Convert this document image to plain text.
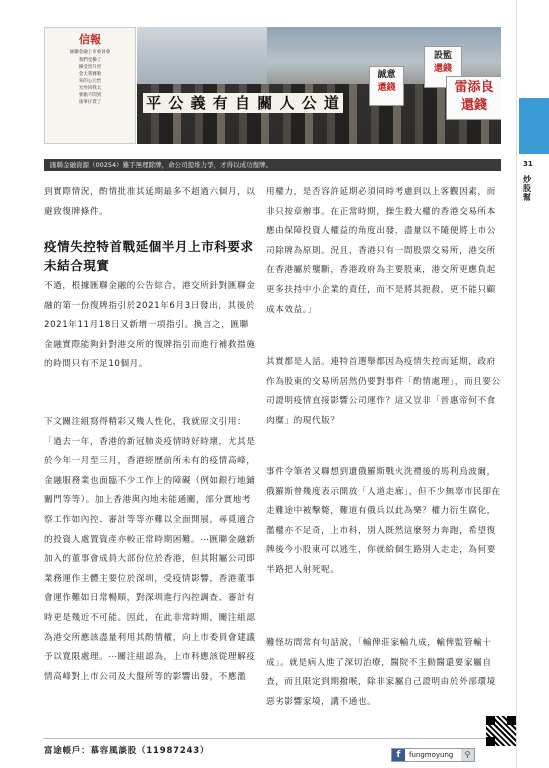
信報
匯聯金融上市委員會
我們受操了
操受害升害
金太我賽歌
來的公元怡
光叁同我太
要賴不問到
康事仔賈了	平 公 義 有 自 關 人 公 道
誠意
還錢
設監
還錢
雷添良
還錢
匯聯金融資源（00254）難手無理除牌，命公司提堆力爭，才得以成功復牌。	31
炒股幫

到實際情況，酌情批准其延期最多不超過六個月，以避致復牌條件。

疫情失控特首戰延個半月上市科要求未結合現實

不過，根據匯聯金融的公告綜合，港交所針對匯聯金融的第一份復牌指引於2021年6月3日發出，其後於2021年11月18日又新增一項指引。換言之，匯聯金融實際能夠針對港交所的復牌指引而進行補救措施的時間只有不足10個月。

下文關注組寫得精彩又幾人性化，我就原文引用：「過去一年，香港的新冠肺炎疫情時好時壞，尤其是於今年一月至三月，香港經歷前所未有的疫情高峰，金融服務業也面臨不少工作上的障礙（例如銀行地鋪關門等等）。加上香港與內地未能通關，部分實地考察工作如內控、審計等等亦難以全面開展，尋覓適合的投資人處置資產亦較正常時期困難。⋯匯聯金融新加入的董事會成員大部份位於香港，但其附屬公司即業務運作主體主要位於深圳，受疫情影響，香港董事會運作難如日常暢順，對深圳進行內控調查、審計有時更是幾近不可能。因此，在此非常時期，關注組認為港交所應該盡量利用其酌情權，向上市委員會建議予以寬限處理。⋯關注組認為，上市科應該從理解疫情高峰對上市公司及大盤所等的影響出發，不應濫

用權力，是否容許延期必須同時考慮到以上客觀因素，而非只按章辦事。在正常時期，操生殺大權的香港交易所本應由保障投資人權益的角度出發，盡量以不隨便將上市公司除牌為原則。況且，香港只有一間股票交易所，港交所在香港屬於壟斷，香港政府為主要股東，港交所更應負起更多扶持中小企業的責任，而不是將其扼殺，更不能只顧成本效益。」

其實都是人話。連特首選舉都因為疫情失控而延期，政府作為股東的交易所居然仍要對事件「酌情處理」，而且要公司證明疫情直接影響公司運作？這又豈非「晉惠帝何不食肉糜」的現代版？

事件令筆者又聯想到遺俄羅斯戰火洗禮後的馬利烏波爾，俄羅斯曾幾度表示開放「人道走廊」，但不少無辜市民卻在走難途中被擊斃，難道有俄兵以此為樂？權力衍生腐化，濫權亦不足奇，上市科，別人既然這麼努力奔跑，希望復牌後今小股東可以逃生，你就給個生路別人走走，為何要半路把人射死呢。

難怪坊間常有句話說，「輸俾莊家輸九成，輸俾監管輸十成」。就是病人進了深切治療，醫院不主動醫還要家屬自查，而且限定到期撥喉，除非家屬自己證明由於外部環境惡劣影響家境，講不通也。

富途帳戶：慕容風談股（11987243）	f	fungmoyung	⚲
